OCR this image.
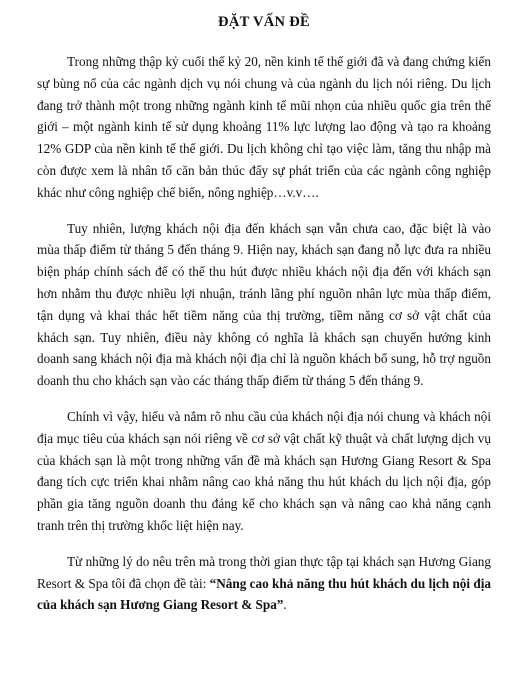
ĐẶT VẤN ĐỀ

Trong những thập kỷ cuối thế kỷ 20, nền kinh tế thế giới đã và đang chứng kiến sự bùng nổ của các ngành dịch vụ nói chung và của ngành du lịch nói riêng. Du lịch đang trở thành một trong những ngành kinh tế mũi nhọn của nhiều quốc gia trên thế giới – một ngành kinh tế sử dụng khoảng 11% lực lượng lao động và tạo ra khoảng 12% GDP của nền kinh tế thế giới. Du lịch không chỉ tạo việc làm, tăng thu nhập mà còn được xem là nhân tố căn bản thúc đẩy sự phát triển của các ngành công nghiệp khác như công nghiệp chế biến, nông nghiệp…v.v….

Tuy nhiên, lượng khách nội địa đến khách sạn vẫn chưa cao, đặc biệt là vào mùa thấp điểm từ tháng 5 đến tháng 9. Hiện nay, khách sạn đang nỗ lực đưa ra nhiều biện pháp chính sách để có thể thu hút được nhiều khách nội địa đến với khách sạn hơn nhằm thu được nhiều lợi nhuận, tránh lãng phí nguồn nhân lực mùa thấp điểm, tận dụng và khai thác hết tiềm năng của thị trường, tiềm năng cơ sở vật chất của khách sạn. Tuy nhiên, điều này không có nghĩa là khách sạn chuyển hướng kinh doanh sang khách nội địa mà khách nội địa chỉ là nguồn khách bổ sung, hỗ trợ nguồn doanh thu cho khách sạn vào các tháng thấp điểm từ tháng 5 đến tháng 9.

Chính vì vậy, hiểu và nắm rõ nhu cầu của khách nội địa nói chung và khách nội địa mục tiêu của khách sạn nói riêng về cơ sở vật chất kỹ thuật và chất lượng dịch vụ của khách sạn là một trong những vấn đề mà khách sạn Hương Giang Resort & Spa đang tích cực triển khai nhằm nâng cao khả năng thu hút khách du lịch nội địa, góp phần gia tăng nguồn doanh thu đáng kể cho khách sạn và nâng cao khả năng cạnh tranh trên thị trường khốc liệt hiện nay.

Từ những lý do nêu trên mà trong thời gian thực tập tại khách sạn Hương Giang Resort & Spa tôi đã chọn đề tài: “Nâng cao khả năng thu hút khách du lịch nội địa của khách sạn Hương Giang Resort & Spa”.
